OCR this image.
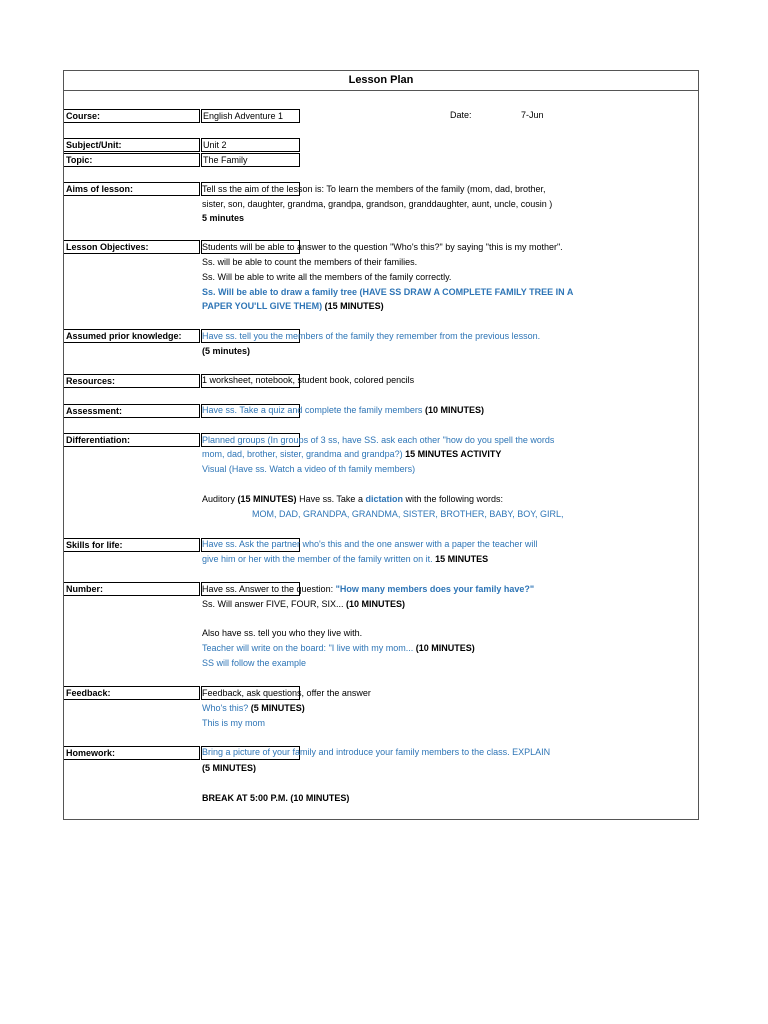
Lesson Plan
Course:	English Adventure 1	Date:	7-Jun
Subject/Unit:	Unit 2
Topic:	The Family
Aims of lesson:	Tell ss the aim of the lesson is: To learn the members of the family (mom, dad, brother,
sister, son, daughter, grandma, grandpa, grandson, granddaughter, aunt, uncle, cousin )
5 minutes
Lesson Objectives:	Students will be able to answer to the question "Who's this?" by saying "this is my mother".
Ss. will be able to count the members of their families.
Ss. Will be able to write all the members of the family correctly.
Ss. Will be able to draw a family tree (HAVE SS DRAW A COMPLETE FAMILY TREE IN A
PAPER YOU'LL GIVE THEM) (15 MINUTES)
Assumed prior knowledge:	Have ss. tell you the members of the family they remember from the previous lesson.
(5 minutes)
Resources:	1 worksheet, notebook, student book, colored pencils
Assessment:	Have ss. Take a quiz and complete the family members (10 MINUTES)
Differentiation:	Planned groups (In groups of 3 ss, have SS. ask each other "how do you spell the words
mom, dad, brother, sister, grandma and grandpa?) 15 MINUTES ACTIVITY
Visual (Have ss. Watch a video of th family members)
Auditory (15 MINUTES) Have ss. Take a dictation with the following words:
MOM, DAD, GRANDPA, GRANDMA, SISTER, BROTHER, BABY, BOY, GIRL,
Skills for life:	Have ss. Ask the partner who's this and the one answer with a paper the teacher will
give him or her with the member of the family written on it. 15 MINUTES
Number:	Have ss. Answer to the question: "How many members does your family have?"
Ss. Will answer FIVE, FOUR, SIX... (10 MINUTES)
Also have ss. tell you who they live with.
Teacher will write on the board: "I live with my mom... (10 MINUTES)
SS will follow the example
Feedback:	Feedback, ask questions, offer the answer
Who's this? (5 MINUTES)
This is my mom
Homework:	Bring a picture of your family and introduce your family members to the class. EXPLAIN
(5 MINUTES)
BREAK AT 5:00 P.M. (10 MINUTES)
